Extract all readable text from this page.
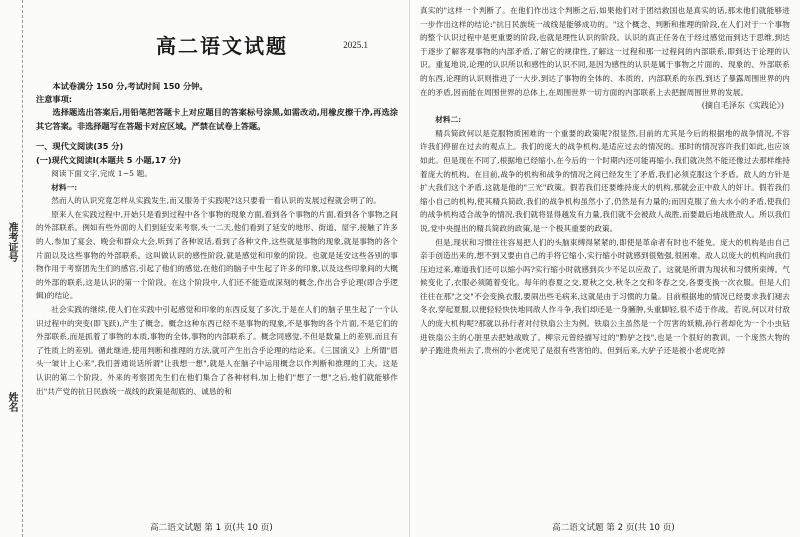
准考证号
姓名
高二语文试题	2025.1

本试卷满分 150 分,考试时间 150 分钟。

注意事项:

选择题选出答案后,用铅笔把答题卡上对应题目的答案标号涂黑,如需改动,用橡皮擦干净,再选涂其它答案。非选择题写在答题卡对应区域。严禁在试卷上答题。

一、现代文阅读(35 分)

(一)现代文阅读Ⅰ(本题共 5 小题,17 分)

阅读下面文字,完成 1~5 题。

材料一:

然而人的认识究竟怎样从实践发生,而又服务于实践呢?这只要看一看认识的发展过程就会明了的。

原来人在实践过程中,开始只是看到过程中各个事物的现象方面,看到各个事物的片面,看到各个事物之间的外部联系。例如有些外面的人们到延安来考察,头一二天,他们看到了延安的地形、街道、屋宇,接触了许多的人,参加了宴会、晚会和群众大会,听到了各种说话,看到了各种文件,这些就是事物的现象,就是事物的各个片面以及这些事物的外部联系。这叫做认识的感性阶段,就是感觉和印象的阶段。也就是延安这些各别的事物作用于考察团先生们的感官,引起了他们的感觉,在他们的脑子中生起了许多的印象,以及这些印象间的大概的外部的联系,这是认识的第一个阶段。在这个阶段中,人们还不能造成深刻的概念,作出合乎论理(即合乎逻辑)的结论。

社会实践的继续,使人们在实践中引起感觉和印象的东西反复了多次,于是在人们的脑子里生起了一个认识过程中的突变(即飞跃),产生了概念。概念这种东西已经不是事物的现象,不是事物的各个片面,不是它们的外部联系,而是抓着了事物的本质,事物的全体,事物的内部联系了。概念同感觉,不但是数量上的差别,而且有了性质上的差别。循此继进,使用判断和推理的方法,就可产生出合乎论理的结论来。《三国演义》上所谓"眉头一皱计上心来",我们普通说话所谓"让我想一想",就是人在脑子中运用概念以作判断和推理的工夫。这是认识的第二个阶段。外来的考察团先生们在他们集合了各种材料,加上他们"想了一想"之后,他们就能够作出"共产党的抗日民族统一战线的政策是彻底的、诚恳的和

高二语文试题 第 1 页(共 10 页)

真实的"这样一个判断了。在他们作出这个判断之后,如果他们对于团结救国也是真实的话,那末他们就能够进一步作出这样的结论:"抗日民族统一战线是能够成功的。"这个概念、判断和推理的阶段,在人们对于一个事物的整个认识过程中是更重要的阶段,也就是理性认识的阶段。认识的真正任务在于经过感觉而到达于思维,到达于逐步了解客观事物的内部矛盾,了解它的规律性,了解这一过程和那一过程间的内部联系,即到达于论理的认识。重复地说,论理的认识所以和感性的认识不同,是因为感性的认识是属于事物之片面的、现象的、外部联系的东西,论理的认识则推进了一大步,到达了事物的全体的、本质的、内部联系的东西,到达了暴露周围世界的内在的矛盾,因而能在周围世界的总体上,在周围世界一切方面的内部联系上去把握周围世界的发展。

(摘自毛泽东《实践论》)

材料二:

精兵简政何以是克服物质困难的一个重要的政策呢?很显然,目前的尤其是今后的根据地的战争情况,不容许我们停留在过去的观点上。我们的庞大的战争机构,是适应过去的情况的。那时的情况容许我们如此,也应该如此。但是现在不同了,根据地已经缩小,在今后的一个时期内还可能再缩小,我们就决然不能还像过去那样维持着庞大的机构。在目前,战争的机构和战争的情况之间已经发生了矛盾,我们必须克服这个矛盾。敌人的方针是扩大我们这个矛盾,这就是他的"三光"政策。假若我们还要维持庞大的机构,那就会正中敌人的奸计。假若我们缩小自己的机构,使其精兵简政,我们的战争机构虽然小了,仍然是有力量的;而因克服了鱼大水小的矛盾,使我们的战争机构适合战争的情况,我们就将显得越发有力量,我们就不会被敌人战胜,而要最后地战胜敌人。所以我们说,党中央提出的精兵简政的政策,是一个极其重要的政策。

但是,现状和习惯往往容易把人们的头脑束缚得紧紧的,即使是革命者有时也不能免。庞大的机构是由自己亲手创造出来的,想不到又要由自己的手将它缩小,实行缩小时就感到很勉强,很困难。敌人以庞大的机构向我们压迫过来,难道我们还可以缩小吗?实行缩小时就感到兵少不足以应敌了。这就是所谓为现状和习惯所束缚。气候变化了,衣服必须随着变化。每年的春夏之交,夏秋之交,秋冬之交和冬春之交,各要变换一次衣服。但是人们往往在那"之交"不会变换衣服,要闹出些毛病来,这就是由于习惯的力量。目前根据地的情况已经要求我们褪去冬衣,穿起夏服,以便轻轻快快地同敌人作斗争,我们却还是一身臃肿,头重脚轻,很不适于作战。若说,何以对付敌人的庞大机构呢?那就以孙行者对付铁扇公主为例。铁扇公主虽然是一个厉害的妖精,孙行者却化为一个小虫钻进铁扇公主的心脏里去把她战败了。柳宗元曾经描写过的"黔驴之技",也是一个很好的教训。一个庞然大物的驴子跑进贵州去了,贵州的小老虎见了是很有些害怕的。但到后来,大驴子还是被小老虎吃掉

高二语文试题 第 2 页(共 10 页)
